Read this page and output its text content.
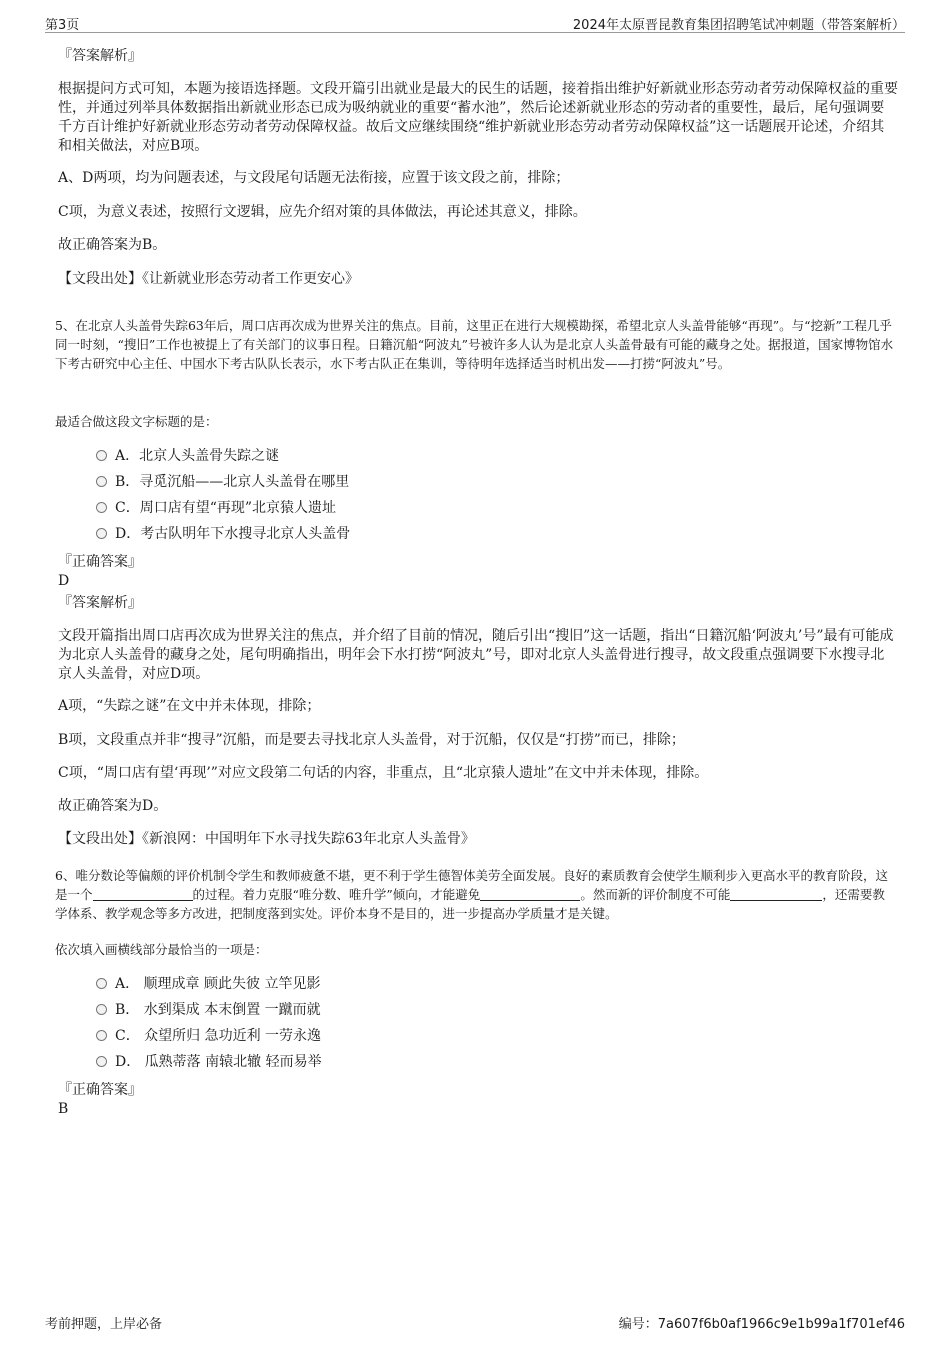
第3页	2024年太原晋昆教育集团招聘笔试冲刺题（带答案解析）
『答案解析』
根据提问方式可知，本题为接语选择题。文段开篇引出就业是最大的民生的话题，接着指出维护好新就业形态劳动者劳动保障权益的重要性，并通过列举具体数据指出新就业形态已成为吸纳就业的重要“蓄水池”，然后论述新就业形态的劳动者的重要性，最后，尾句强调要千方百计维护好新就业形态劳动者劳动保障权益。故后文应继续围绕“维护新就业形态劳动者劳动保障权益”这一话题展开论述，介绍其和相关做法，对应B项。
A、D两项，均为问题表述，与文段尾句话题无法衔接，应置于该文段之前，排除；
C项，为意义表述，按照行文逻辑，应先介绍对策的具体做法，再论述其意义，排除。
故正确答案为B。
【文段出处】《让新就业形态劳动者工作更安心》
5、在北京人头盖骨失踪63年后，周口店再次成为世界关注的焦点。目前，这里正在进行大规模勘探，希望北京人头盖骨能够“再现”。与“挖新”工程几乎同一时刻，“搜旧”工作也被提上了有关部门的议事日程。日籍沉船“阿波丸”号被许多人认为是北京人头盖骨最有可能的藏身之处。据报道，国家博物馆水下考古研究中心主任、中国水下考古队队长表示，水下考古队正在集训，等待明年选择适当时机出发——打捞“阿波丸”号。
最适合做这段文字标题的是：
A．北京人头盖骨失踪之谜
B．寻觅沉船——北京人头盖骨在哪里
C．周口店有望“再现”北京猿人遗址
D．考古队明年下水搜寻北京人头盖骨
『正确答案』
D
『答案解析』
文段开篇指出周口店再次成为世界关注的焦点，并介绍了目前的情况，随后引出“搜旧”这一话题，指出“日籍沉船‘阿波丸’号”最有可能成为北京人头盖骨的藏身之处，尾句明确指出，明年会下水打捞“阿波丸”号，即对北京人头盖骨进行搜寻，故文段重点强调要下水搜寻北京人头盖骨，对应D项。
A项，“失踪之谜”在文中并未体现，排除；
B项，文段重点并非“搜寻”沉船，而是要去寻找北京人头盖骨，对于沉船，仅仅是“打捞”而已，排除；
C项，“周口店有望‘再现’”对应文段第二句话的内容，非重点，且“北京猿人遗址”在文中并未体现，排除。
故正确答案为D。
【文段出处】《新浪网：中国明年下水寻找失踪63年北京人头盖骨》
6、唯分数论等偏颇的评价机制令学生和教师疲惫不堪，更不利于学生德智体美劳全面发展。良好的素质教育会使学生顺利步入更高水平的教育阶段，这是一个	的过程。着力克服“唯分数、唯升学”倾向，才能避免	。然而新的评价制度不可能	，还需要教学体系、教学观念等多方改进，把制度落到实处。评价本身不是目的，进一步提高办学质量才是关键。
依次填入画横线部分最恰当的一项是：
A． 顺理成章 顾此失彼 立竿见影
B． 水到渠成 本末倒置 一蹴而就
C． 众望所归 急功近利 一劳永逸
D． 瓜熟蒂落 南辕北辙 轻而易举
『正确答案』
B
考前押题，上岸必备	编号：7a607f6b0af1966c9e1b99a1f701ef46
